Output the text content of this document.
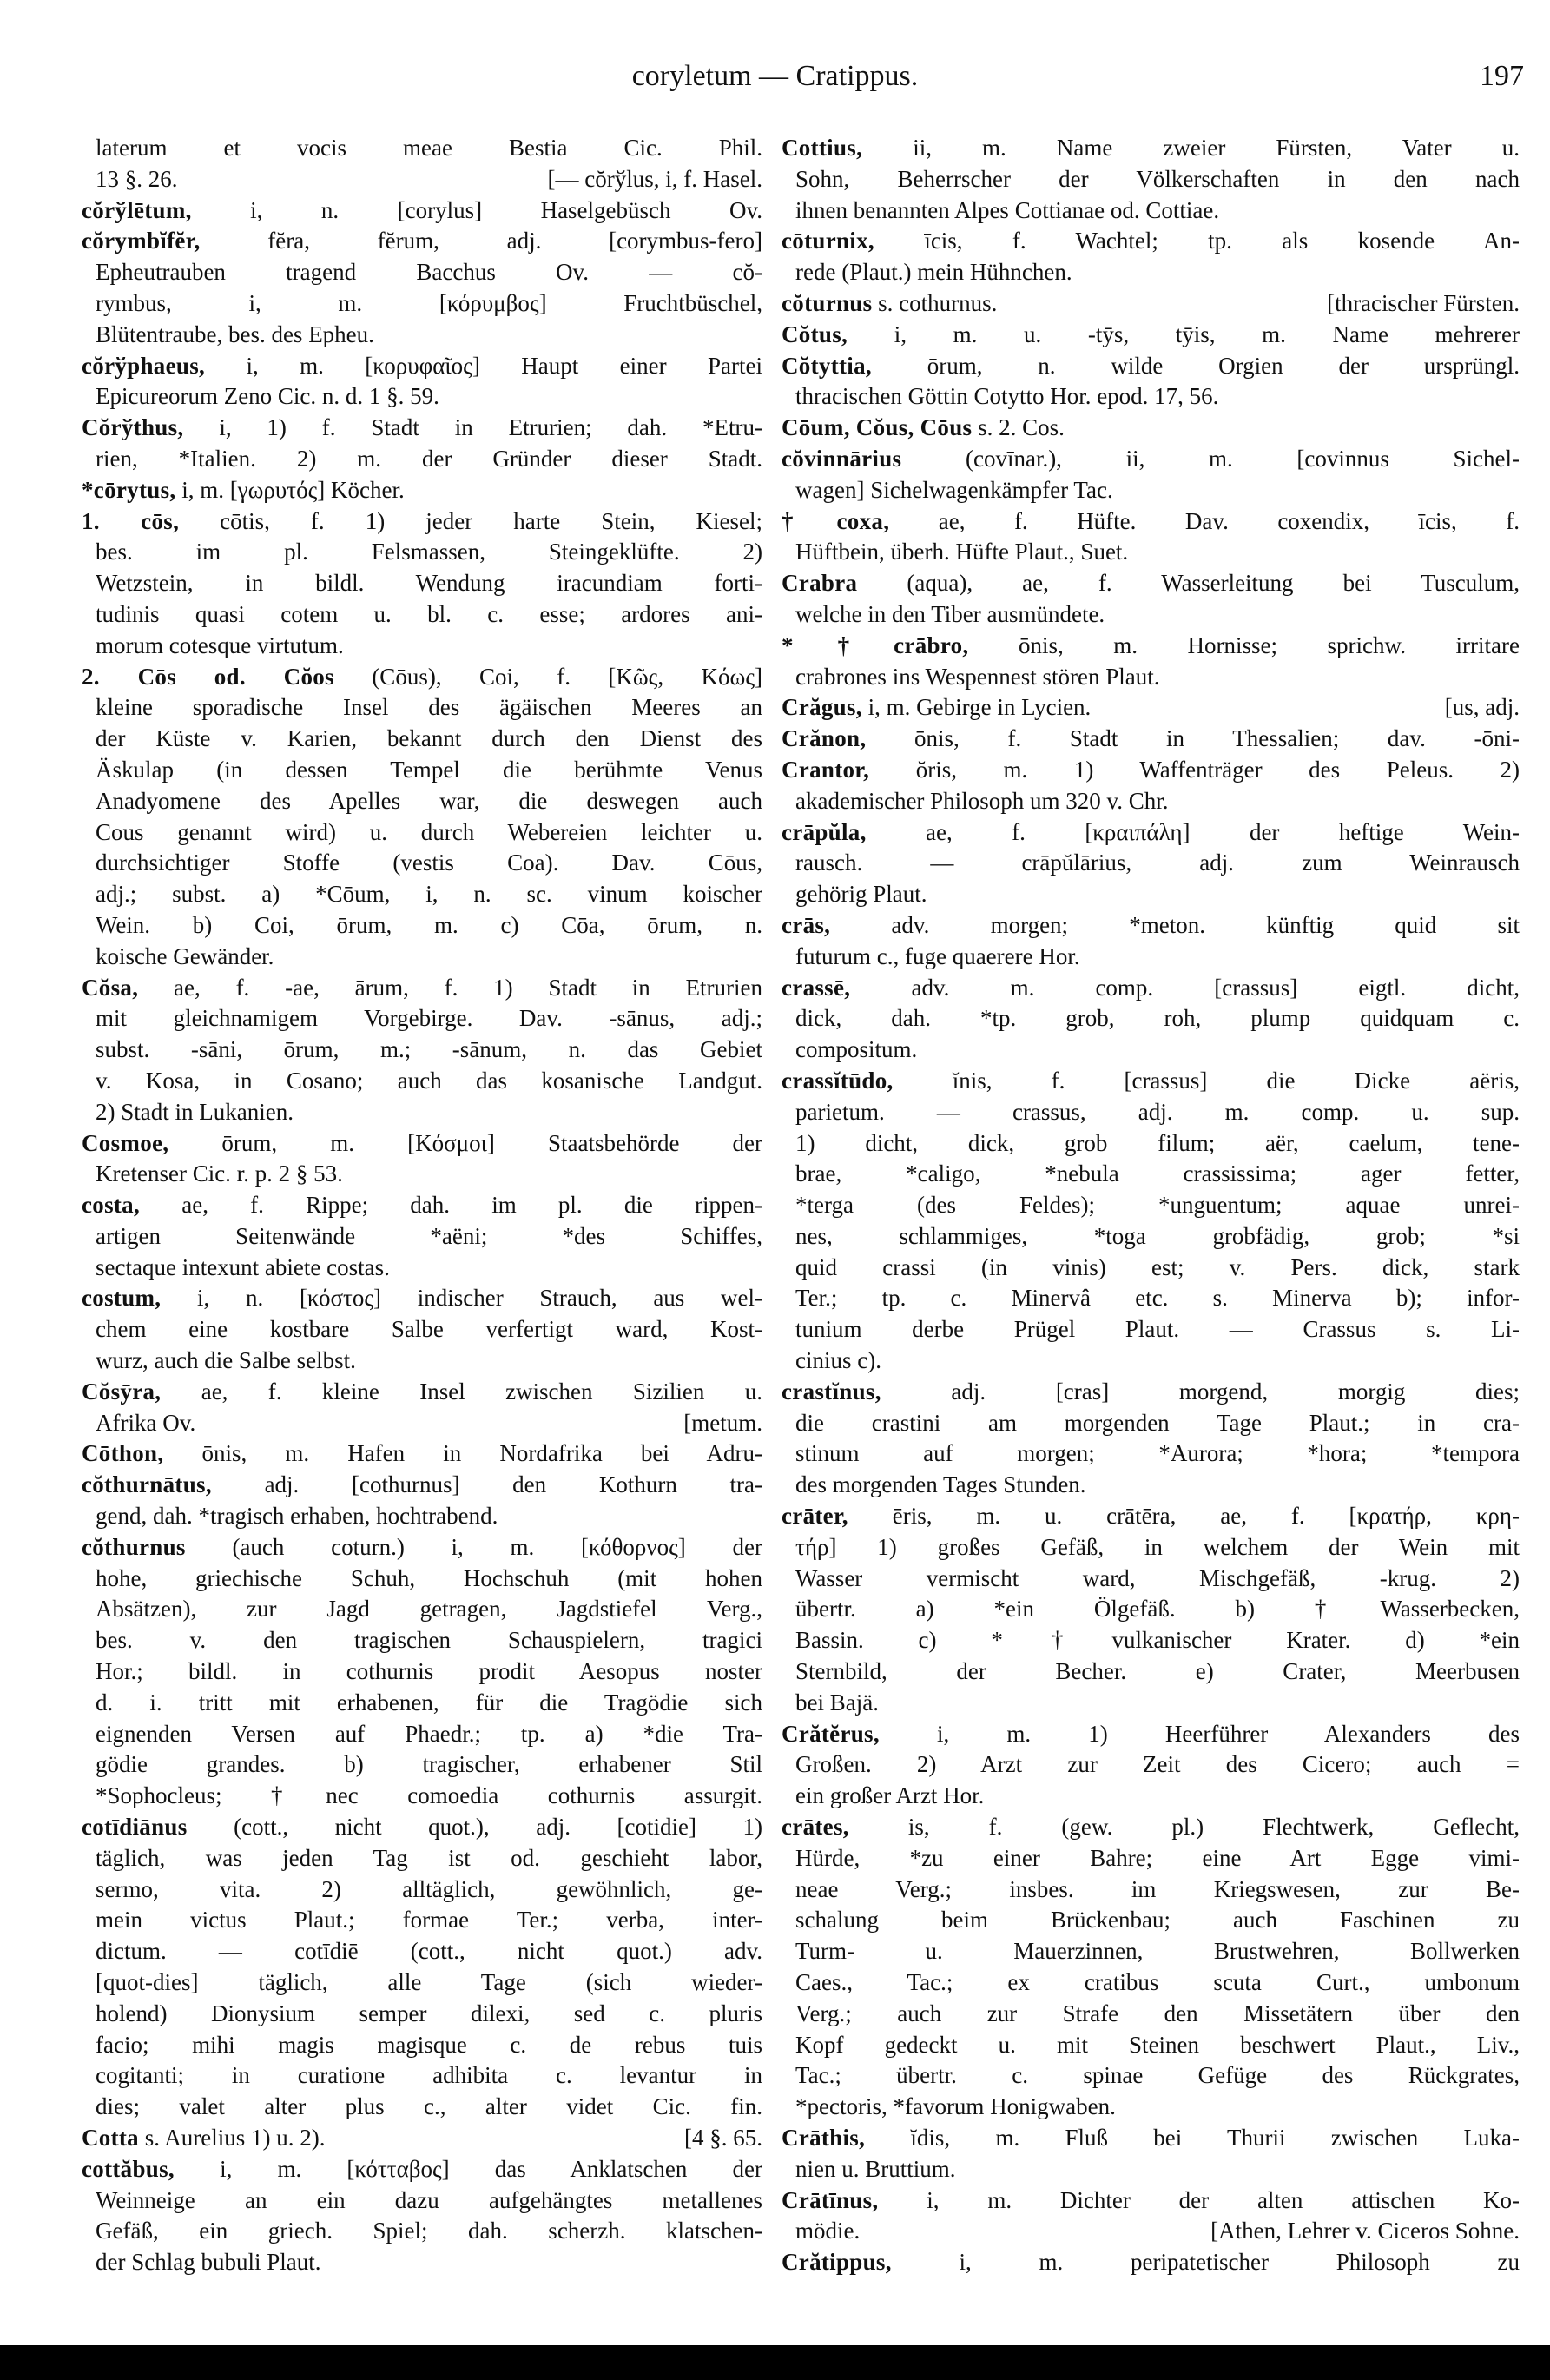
coryletum — Cratippus.	197
laterum et vocis meae Bestia Cic. Phil.
[— cŏrўlus, i, f. Hasel.
13 §. 26.
cŏrўlētum, i, n. [corylus] Haselgebüsch Ov.
cŏrymbĭfĕr, fĕra, fĕrum, adj. [corymbus-fero]
Epheutrauben tragend Bacchus Ov. — cŏ-
rymbus, i, m. [κόρυμβος] Fruchtbüschel,
Blütentraube, bes. des Epheu.
cŏrўphaeus, i, m. [κορυφαῖος] Haupt einer Partei
Epicureorum Zeno Cic. n. d. 1 §. 59.
Cŏrўthus, i, 1) f. Stadt in Etrurien; dah. *Etru-
rien, *Italien. 2) m. der Gründer dieser Stadt.
*cōrytus, i, m. [γωρυτός] Köcher.
1. cōs, cōtis, f. 1) jeder harte Stein, Kiesel;
bes. im pl. Felsmassen, Steingeklüfte. 2)
Wetzstein, in bildl. Wendung iracundiam forti-
tudinis quasi cotem u. bl. c. esse; ardores ani-
morum cotesque virtutum.
2. Cōs od. Cŏos (Cōus), Coi, f. [Κῶς, Κόως]
kleine sporadische Insel des ägäischen Meeres an
der Küste v. Karien, bekannt durch den Dienst des
Äskulap (in dessen Tempel die berühmte Venus
Anadyomene des Apelles war, die deswegen auch
Cous genannt wird) u. durch Webereien leichter u.
durchsichtiger Stoffe (vestis Coa). Dav. Cōus,
adj.; subst. a) *Cōum, i, n. sc. vinum koischer
Wein. b) Coi, ōrum, m. c) Cōa, ōrum, n.
koische Gewänder.
Cŏsa, ae, f. -ae, ārum, f. 1) Stadt in Etrurien
mit gleichnamigem Vorgebirge. Dav. -sānus, adj.;
subst. -sāni, ōrum, m.; -sānum, n. das Gebiet
v. Kosa, in Cosano; auch das kosanische Landgut.
2) Stadt in Lukanien.
Cosmoe, ōrum, m. [Κόσμοι] Staatsbehörde der
Kretenser Cic. r. p. 2 § 53.
costa, ae, f. Rippe; dah. im pl. die rippen-
artigen Seitenwände *aëni; *des Schiffes,
sectaque intexunt abiete costas.
costum, i, n. [κόστος] indischer Strauch, aus wel-
chem eine kostbare Salbe verfertigt ward, Kost-
wurz, auch die Salbe selbst.
Cŏsȳra, ae, f. kleine Insel zwischen Sizilien u.
[metum.
Afrika Ov.
Cōthon, ōnis, m. Hafen in Nordafrika bei Adru-
cŏthurnātus, adj. [cothurnus] den Kothurn tra-
gend, dah. *tragisch erhaben, hochtrabend.
cŏthurnus (auch coturn.) i, m. [κόθορνος] der
hohe, griechische Schuh, Hochschuh (mit hohen
Absätzen), zur Jagd getragen, Jagdstiefel Verg.,
bes. v. den tragischen Schauspielern, tragici
Hor.; bildl. in cothurnis prodit Aesopus noster
d. i. tritt mit erhabenen, für die Tragödie sich
eignenden Versen auf Phaedr.; tp. a) *die Tra-
gödie grandes. b) tragischer, erhabener Stil
*Sophocleus; †nec comoedia cothurnis assurgit.
cotīdiānus (cott., nicht quot.), adj. [cotidie] 1)
täglich, was jeden Tag ist od. geschieht labor,
sermo, vita. 2) alltäglich, gewöhnlich, ge-
mein victus Plaut.; formae Ter.; verba, inter-
dictum. — cotīdiē (cott., nicht quot.) adv.
[quot-dies] täglich, alle Tage (sich wieder-
holend) Dionysium semper dilexi, sed c. pluris
facio; mihi magis magisque c. de rebus tuis
cogitanti; in curatione adhibita c. levantur in
dies; valet alter plus c., alter videt Cic. fin.
[4 §. 65.
Cotta s. Aurelius 1) u. 2).
cottăbus, i, m. [κότταβος] das Anklatschen der
Weinneige an ein dazu aufgehängtes metallenes
Gefäß, ein griech. Spiel; dah. scherzh. klatschen-
der Schlag bubuli Plaut.
Cottius, ii, m. Name zweier Fürsten, Vater u.
Sohn, Beherrscher der Völkerschaften in den nach
ihnen benannten Alpes Cottianae od. Cottiae.
cōturnix, īcis, f. Wachtel; tp. als kosende An-
rede (Plaut.) mein Hühnchen.
[thracischer Fürsten.
cŏturnus s. cothurnus.
Cŏtus, i, m. u. -tȳs, tȳis, m. Name mehrerer
Cŏtyttia, ōrum, n. wilde Orgien der ursprüngl.
thracischen Göttin Cotytto Hor. epod. 17, 56.
Cōum, Cŏus, Cōus s. 2. Cos.
cŏvinnārius (covīnar.), ii, m. [covinnus Sichel-
wagen] Sichelwagenkämpfer Tac.
†coxa, ae, f. Hüfte. Dav. coxendix, īcis, f.
Hüftbein, überh. Hüfte Plaut., Suet.
Crabra (aqua), ae, f. Wasserleitung bei Tusculum,
welche in den Tiber ausmündete.
*†crābro, ōnis, m. Hornisse; sprichw. irritare
crabrones ins Wespennest stören Plaut.
[us, adj.
Crăgus, i, m. Gebirge in Lycien.
Crănon, ōnis, f. Stadt in Thessalien; dav. -ōni-
Crantor, ŏris, m. 1) Waffenträger des Peleus. 2)
akademischer Philosoph um 320 v. Chr.
crāpŭla, ae, f. [κραιπάλη] der heftige Wein-
rausch. — crāpŭlārius, adj. zum Weinrausch
gehörig Plaut.
crās, adv. morgen; *meton. künftig quid sit
futurum c., fuge quaerere Hor.
crassē, adv. m. comp. [crassus] eigtl. dicht,
dick, dah. *tp. grob, roh, plump quidquam c.
compositum.
crassĭtūdo, ĭnis, f. [crassus] die Dicke aëris,
parietum. — crassus, adj. m. comp. u. sup.
1) dicht, dick, grob filum; aër, caelum, tene-
brae, *caligo, *nebula crassissima; ager fetter,
*terga (des Feldes); *unguentum; aquae unrei-
nes, schlammiges, *toga grobfädig, grob; *si
quid crassi (in vinis) est; v. Pers. dick, stark
Ter.; tp. c. Minervâ etc. s. Minerva b); infor-
tunium derbe Prügel Plaut. — Crassus s. Li-
cinius c).
crastĭnus, adj. [cras] morgend, morgig dies;
die crastini am morgenden Tage Plaut.; in cra-
stinum auf morgen; *Aurora; *hora; *tempora
des morgenden Tages Stunden.
crāter, ēris, m. u. crātēra, ae, f. [κρατήρ, κρη-
τήρ] 1) großes Gefäß, in welchem der Wein mit
Wasser vermischt ward, Mischgefäß, -krug. 2)
übertr. a) *ein Ölgefäß. b) †Wasserbecken,
Bassin. c) *†vulkanischer Krater. d) *ein
Sternbild, der Becher. e) Crater, Meerbusen
bei Bajä.
Crătĕrus, i, m. 1) Heerführer Alexanders des
Großen. 2) Arzt zur Zeit des Cicero; auch =
ein großer Arzt Hor.
crātes, is, f. (gew. pl.) Flechtwerk, Geflecht,
Hürde, *zu einer Bahre; eine Art Egge vimi-
neae Verg.; insbes. im Kriegswesen, zur Be-
schalung beim Brückenbau; auch Faschinen zu
Turm- u. Mauerzinnen, Brustwehren, Bollwerken
Caes., Tac.; ex cratibus scuta Curt., umbonum
Verg.; auch zur Strafe den Missetätern über den
Kopf gedeckt u. mit Steinen beschwert Plaut., Liv.,
Tac.; übertr. c. spinae Gefüge des Rückgrates,
*pectoris, *favorum Honigwaben.
Crāthis, ĭdis, m. Fluß bei Thurii zwischen Luka-
nien u. Bruttium.
Crātīnus, i, m. Dichter der alten attischen Ko-
[Athen, Lehrer v. Ciceros Sohne.
mödie.
Crătippus, i, m. peripatetischer Philosoph zu
